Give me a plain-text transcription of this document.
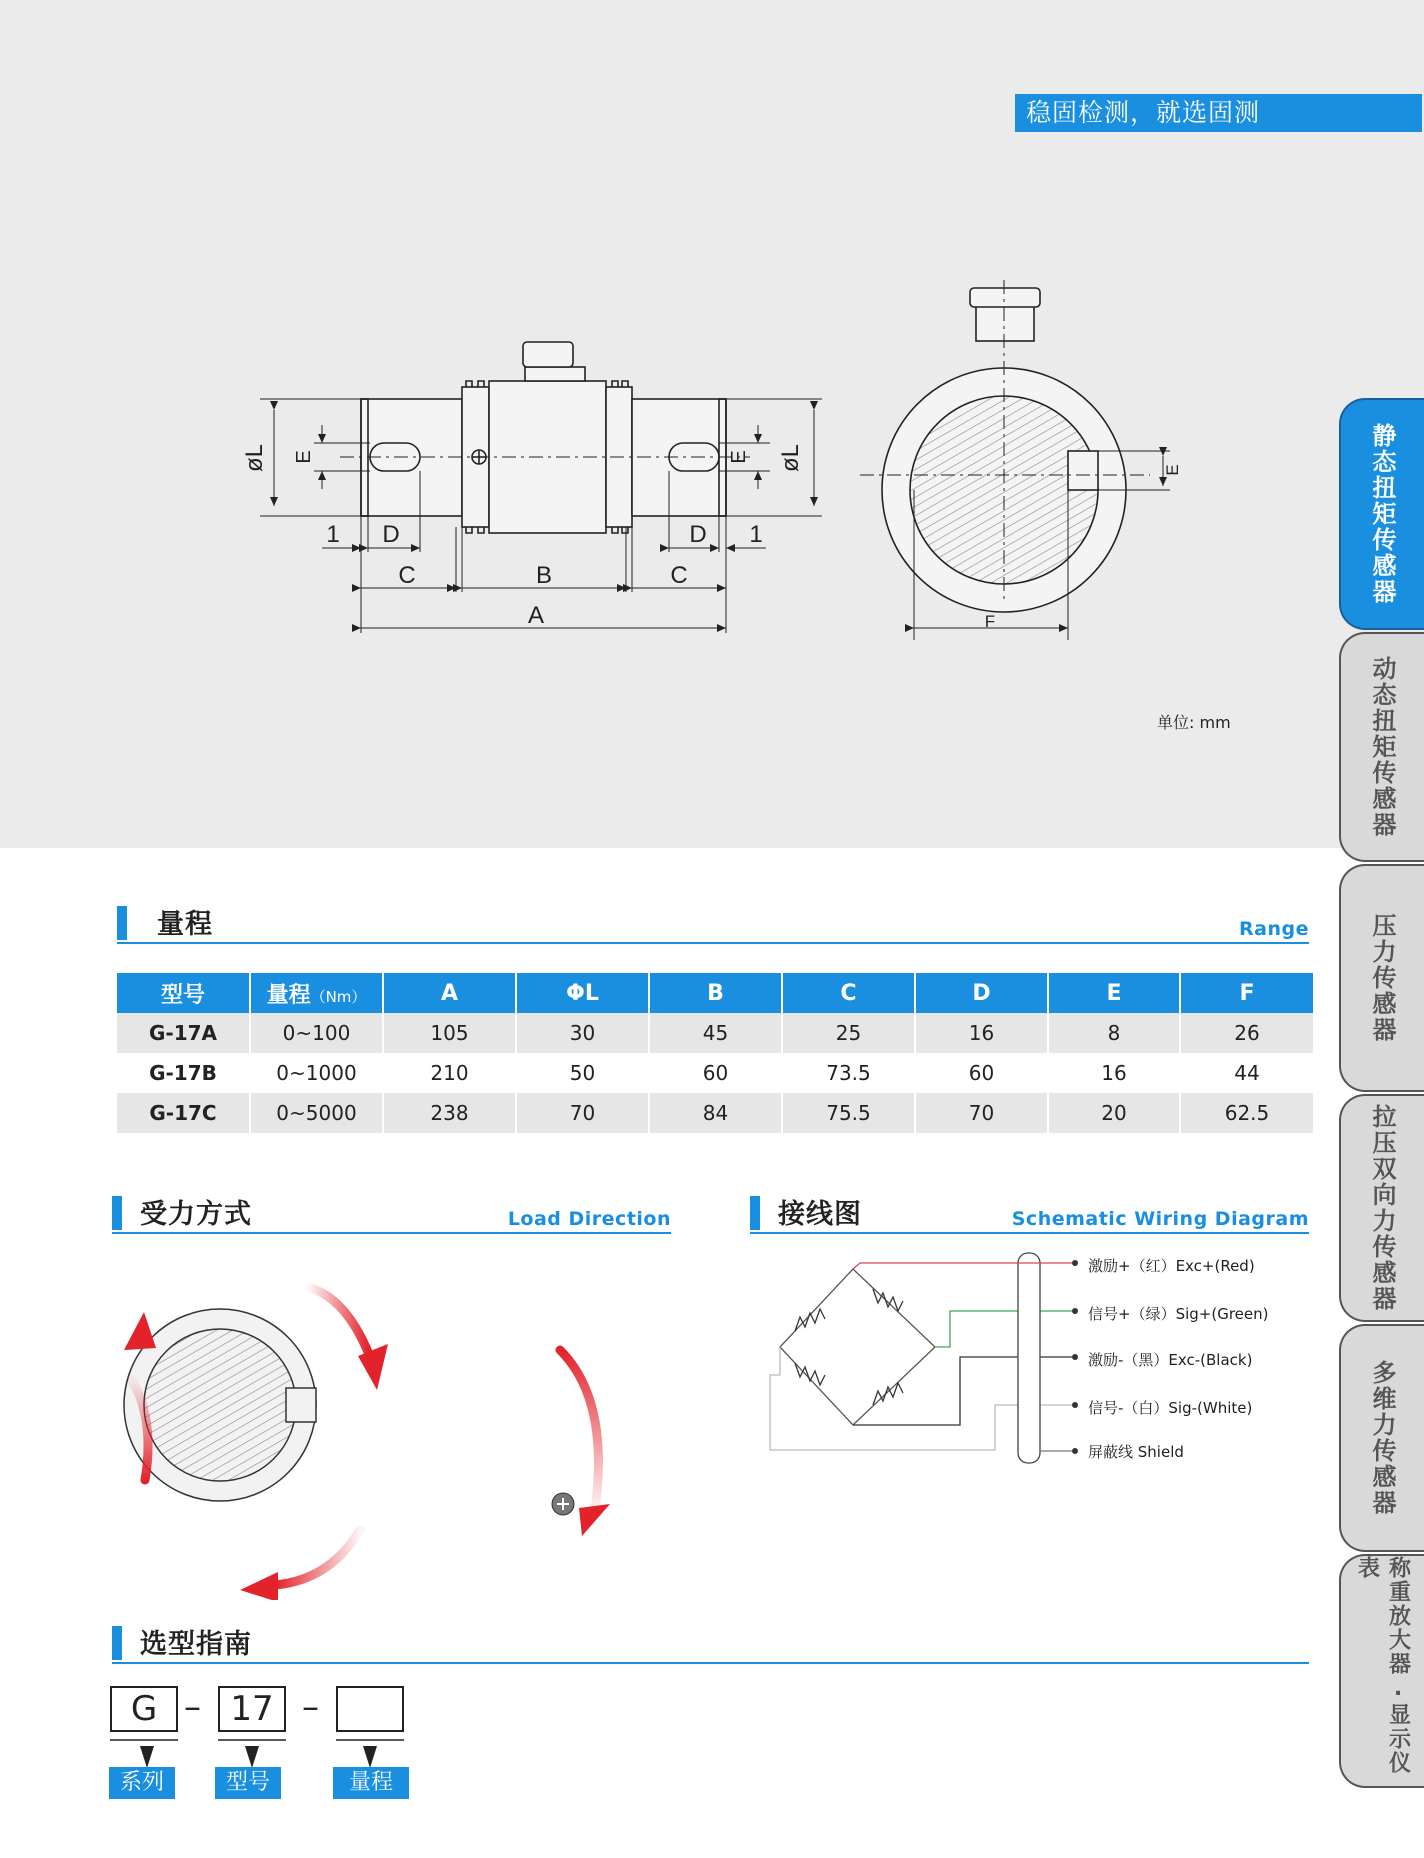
稳固检测，就选固测
øL E	øL
E
1 D	D 1
C	B	C
A
E
F
单位: mm
量程	Range
型号	量程（Nm）	A	ΦL	B	C	D	E	F
G-17A	0~100	105	30	45	25	16	8	26
G-17B	0~1000	210	50	60	73.5	60	16	44
G-17C	0~5000	238	70	84	75.5	70	20	62.5
受力方式	Load Direction	接线图	Schematic Wiring Diagram
激励+（红）Exc+(Red)
信号+（绿）Sig+(Green)
激励-（黑）Exc-(Black)
信号-（白）Sig-(White)
屏蔽线 Shield
选型指南
G – 17 –
系列	型号	量程
静态扭矩传感器
动态扭矩传感器
压力传感器
拉压双向力传感器
多维力传感器
称重放大器.显示仪表
